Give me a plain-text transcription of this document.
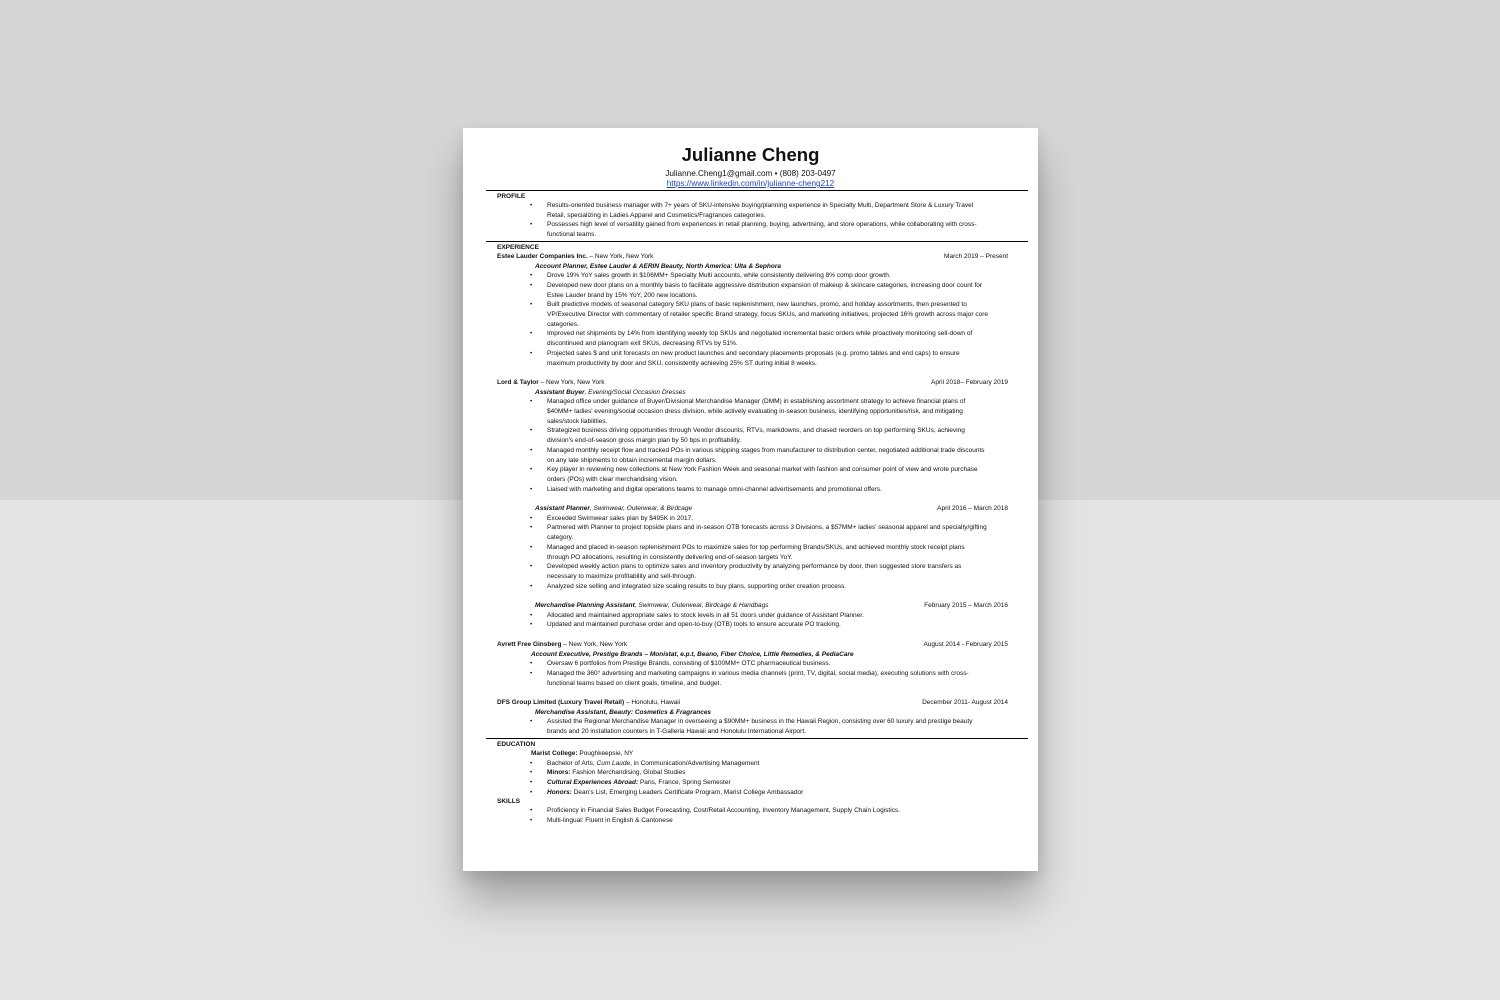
Julianne Cheng
Julianne.Cheng1@gmail.com • (808) 203-0497
https://www.linkedin.com/in/julianne-cheng212
PROFILE
• Results-oriented business manager with 7+ years of SKU-intensive buying/planning experience in Specialty Multi, Department Store & Luxury Travel Retail, specializing in Ladies Apparel and Cosmetics/Fragrances categories.
• Possesses high level of versatility gained from experiences in retail planning, buying, advertising, and store operations, while collaborating with cross-functional teams.
EXPERIENCE
Estee Lauder Companies Inc. – New York, New York	March 2019 – Present
Account Planner, Estee Lauder & AERIN Beauty, North America: Ulta & Sephora
• Drove 19% YoY sales growth in $106MM+ Specialty Multi accounts, while consistently delivering 8% comp door growth.
• Developed new door plans on a monthly basis to facilitate aggressive distribution expansion of makeup & skincare categories, increasing door count for Estee Lauder brand by 15% YoY, 200 new locations.
• Built predictive models of seasonal category SKU plans of basic replenishment, new launches, promo, and holiday assortments, then presented to VP/Executive Director with commentary of retailer specific Brand strategy, focus SKUs, and marketing initiatives, projected 16% growth across major core categories.
• Improved net shipments by 14% from identifying weekly top SKUs and negotiated incremental basic orders while proactively monitoring sell-down of discontinued and planogram exit SKUs, decreasing RTVs by 51%.
• Projected sales $ and unit forecasts on new product launches and secondary placements proposals (e.g. promo tables and end caps) to ensure maximum productivity by door and SKU, consistently achieving 25% ST during initial 8 weeks.
Lord & Taylor – New York, New York	April 2018– February 2019
Assistant Buyer, Evening/Social Occasion Dresses
• Managed office under guidance of Buyer/Divisional Merchandise Manager (DMM) in establishing assortment strategy to achieve financial plans of $40MM+ ladies' evening/social occasion dress division, while actively evaluating in-season business, identifying opportunities/risk, and mitigating sales/stock liabilities.
• Strategized business driving opportunities through Vendor discounts, RTVs, markdowns, and chased reorders on top performing SKUs, achieving division's end-of-season gross margin plan by 50 bps in profitability.
• Managed monthly receipt flow and tracked POs in various shipping stages from manufacturer to distribution center, negotiated additional trade discounts on any late shipments to obtain incremental margin dollars.
• Key player in reviewing new collections at New York Fashion Week and seasonal market with fashion and consumer point of view and wrote purchase orders (POs) with clear merchandising vision.
• Liaised with marketing and digital operations teams to manage omni-channel advertisements and promotional offers.
Assistant Planner, Swimwear, Outerwear, & Birdcage	April 2016 – March 2018
• Exceeded Swimwear sales plan by $495K in 2017.
• Partnered with Planner to project topside plans and in-season OTB forecasts across 3 Divisions, a $57MM+ ladies' seasonal apparel and specialty/gifting category.
• Managed and placed in-season replenishment POs to maximize sales for top performing Brands/SKUs, and achieved monthly stock receipt plans through PO allocations, resulting in consistently delivering end-of-season targets YoY.
• Developed weekly action plans to optimize sales and inventory productivity by analyzing performance by door, then suggested store transfers as necessary to maximize profitability and sell-through.
• Analyzed size selling and integrated size scaling results to buy plans, supporting order creation process.
Merchandise Planning Assistant, Swimwear, Outerwear, Birdcage & Handbags	February 2015 – March 2016
• Allocated and maintained appropriate sales to stock levels in all 51 doors under guidance of Assistant Planner.
• Updated and maintained purchase order and open-to-buy (OTB) tools to ensure accurate PO tracking.
Avrett Free Ginsberg – New York, New York	August 2014 - February 2015
Account Executive, Prestige Brands – Monistat, e.p.t, Beano, Fiber Choice, Little Remedies, & PediaCare
• Oversaw 6 portfolios from Prestige Brands, consisting of $100MM+ OTC pharmaceutical business.
• Managed the 360° advertising and marketing campaigns in various media channels (print, TV, digital, social media), executing solutions with cross-functional teams based on client goals, timeline, and budget.
DFS Group Limited (Luxury Travel Retail) – Honolulu, Hawaii	December 2011- August 2014
Merchandise Assistant, Beauty: Cosmetics & Fragrances
• Assisted the Regional Merchandise Manager in overseeing a $90MM+ business in the Hawaii Region, consisting over 60 luxury and prestige beauty brands and 20 installation counters in T-Galleria Hawaii and Honolulu International Airport.
EDUCATION
Marist College: Poughkeepsie, NY
• Bachelor of Arts, Cum Laude, in Communication/Advertising Management
• Minors: Fashion Merchandising, Global Studies
• Cultural Experiences Abroad: Paris, France, Spring Semester
• Honors: Dean's List, Emerging Leaders Certificate Program, Marist College Ambassador
SKILLS
• Proficiency in Financial Sales Budget Forecasting, Cost/Retail Accounting, Inventory Management, Supply Chain Logistics.
• Multi-lingual: Fluent in English & Cantonese
